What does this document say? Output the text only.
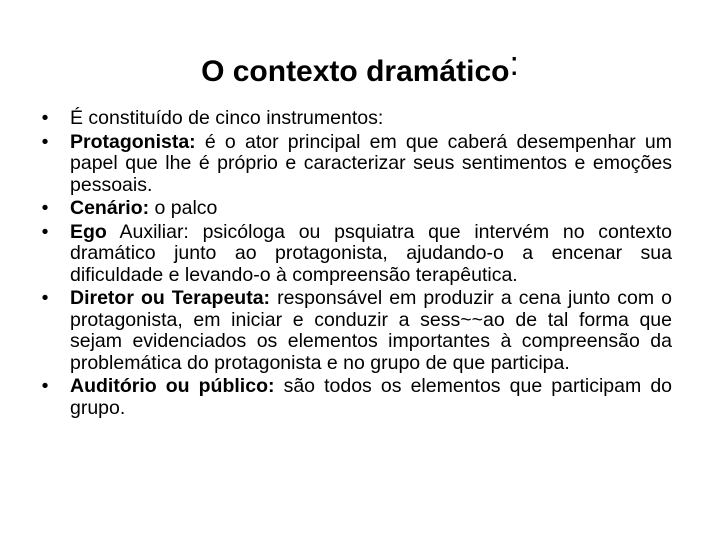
O contexto dramático:
• É constituído de cinco instrumentos:
• Protagonista: é o ator principal em que caberá desempenhar um papel que lhe é próprio e caracterizar seus sentimentos e emoções pessoais.
• Cenário: o palco
• Ego Auxiliar: psicóloga ou psquiatra que intervém no contexto dramático junto ao protagonista, ajudando-o a encenar sua dificuldade e levando-o à compreensão terapêutica.
• Diretor ou Terapeuta: responsável em produzir a cena junto com o protagonista, em iniciar e conduzir a sess~~ao de tal forma que sejam evidenciados os elementos importantes à compreensão da problemática do protagonista e no grupo de que participa.
• Auditório ou público: são todos os elementos que participam do grupo.
